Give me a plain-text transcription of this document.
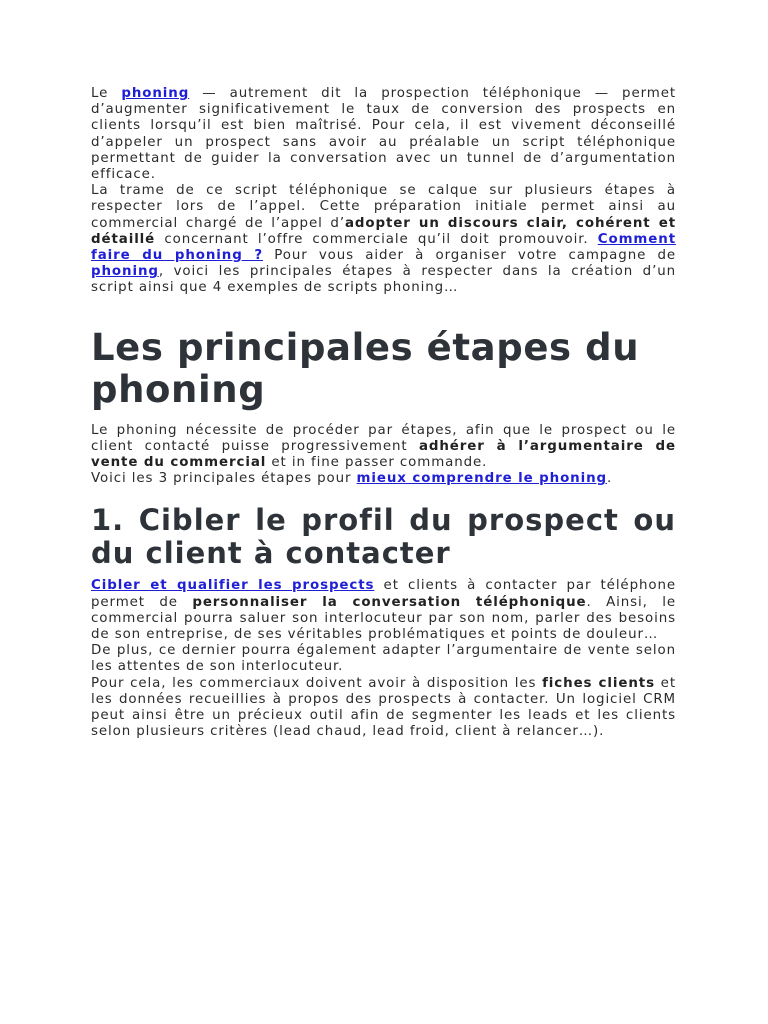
Le phoning — autrement dit la prospection téléphonique — permet d’augmenter significativement le taux de conversion des prospects en clients lorsqu’il est bien maîtrisé. Pour cela, il est vivement déconseillé d’appeler un prospect sans avoir au préalable un script téléphonique permettant de guider la conversation avec un tunnel de d’argumentation efficace.

La trame de ce script téléphonique se calque sur plusieurs étapes à respecter lors de l’appel. Cette préparation initiale permet ainsi au commercial chargé de l’appel d’adopter un discours clair, cohérent et détaillé concernant l’offre commerciale qu’il doit promouvoir. Comment faire du phoning ? Pour vous aider à organiser votre campagne de phoning, voici les principales étapes à respecter dans la création d’un script ainsi que 4 exemples de scripts phoning…

Les principales étapes du phoning

Le phoning nécessite de procéder par étapes, afin que le prospect ou le client contacté puisse progressivement adhérer à l’argumentaire de vente du commercial et in fine passer commande.

Voici les 3 principales étapes pour mieux comprendre le phoning.

1. Cibler le profil du prospect ou du client à contacter

Cibler et qualifier les prospects et clients à contacter par téléphone permet de personnaliser la conversation téléphonique. Ainsi, le commercial pourra saluer son interlocuteur par son nom, parler des besoins de son entreprise, de ses véritables problématiques et points de douleur…

De plus, ce dernier pourra également adapter l’argumentaire de vente selon les attentes de son interlocuteur.

Pour cela, les commerciaux doivent avoir à disposition les fiches clients et les données recueillies à propos des prospects à contacter. Un logiciel CRM peut ainsi être un précieux outil afin de segmenter les leads et les clients selon plusieurs critères (lead chaud, lead froid, client à relancer…).
